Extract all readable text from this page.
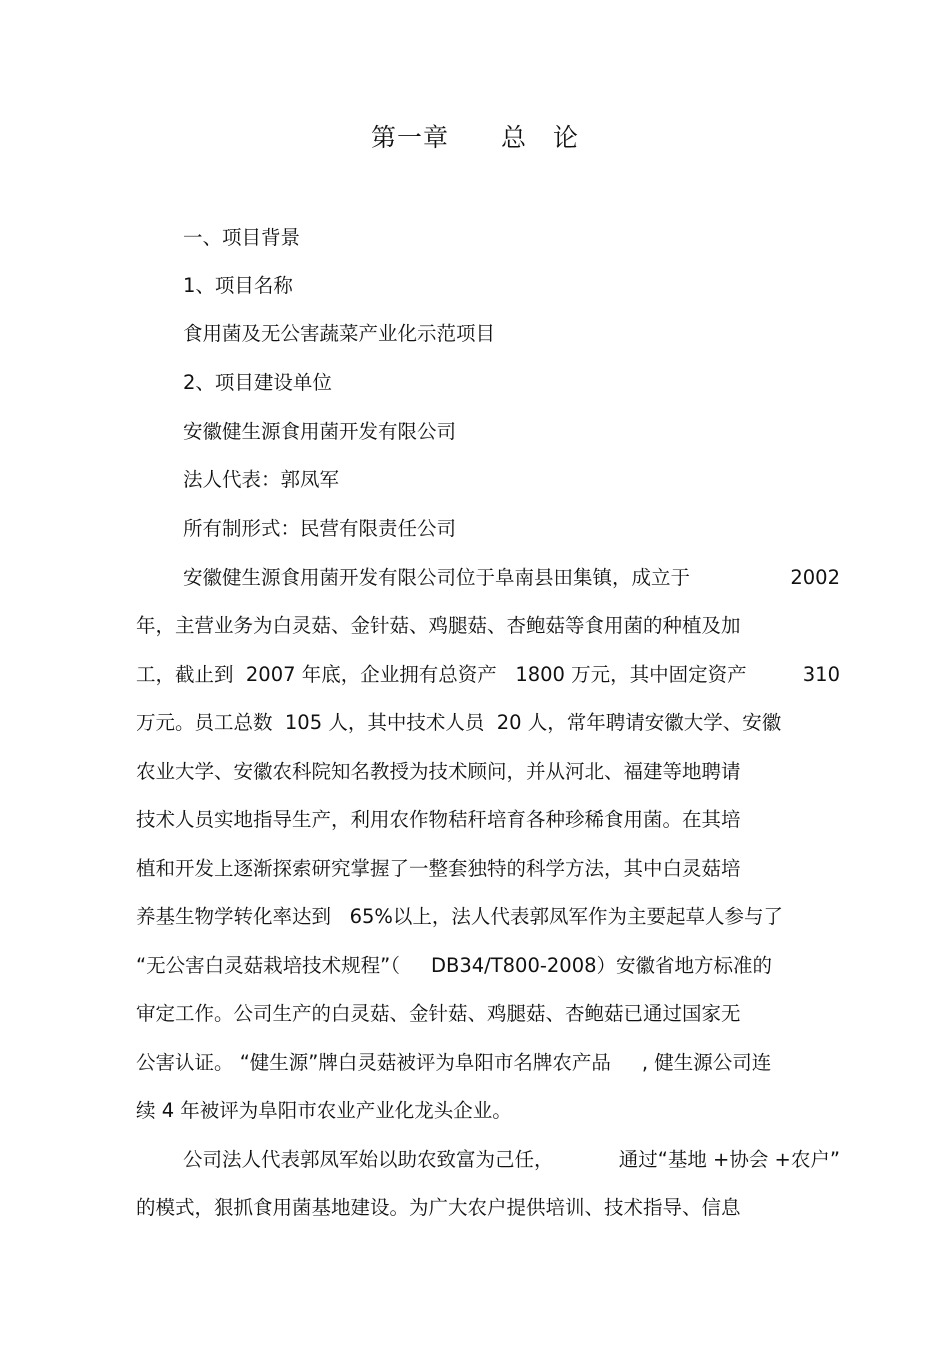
第一章　　总　论
一、项目背景
1、项目名称
食用菌及无公害蔬菜产业化示范项目
2、项目建设单位
安徽健生源食用菌开发有限公司
法人代表：郭凤军
所有制形式：民营有限责任公司
安徽健生源食用菌开发有限公司位于阜南县田集镇，成立于	2002
年，主营业务为白灵菇、金针菇、鸡腿菇、杏鲍菇等食用菌的种植及加
工，截止到  2007 年底，企业拥有总资产   1800 万元，其中固定资产	310
万元。员工总数  105 人，其中技术人员  20 人，常年聘请安徽大学、安徽
农业大学、安徽农科院知名教授为技术顾问，并从河北、福建等地聘请
技术人员实地指导生产，利用农作物秸秆培育各种珍稀食用菌。在其培
植和开发上逐渐探索研究掌握了一整套独特的科学方法，其中白灵菇培
养基生物学转化率达到   65%以上，法人代表郭凤军作为主要起草人参与了
“无公害白灵菇栽培技术规程”（     DB34/T800-2008）安徽省地方标准的
审定工作。公司生产的白灵菇、金针菇、鸡腿菇、杏鲍菇已通过国家无
公害认证。 “健生源”牌白灵菇被评为阜阳市名牌农产品     , 健生源公司连
续 4 年被评为阜阳市农业产业化龙头企业。
公司法人代表郭凤军始以助农致富为己任，	通过“基地 +协会 +农户”
的模式，狠抓食用菌基地建设。为广大农户提供培训、技术指导、信息
